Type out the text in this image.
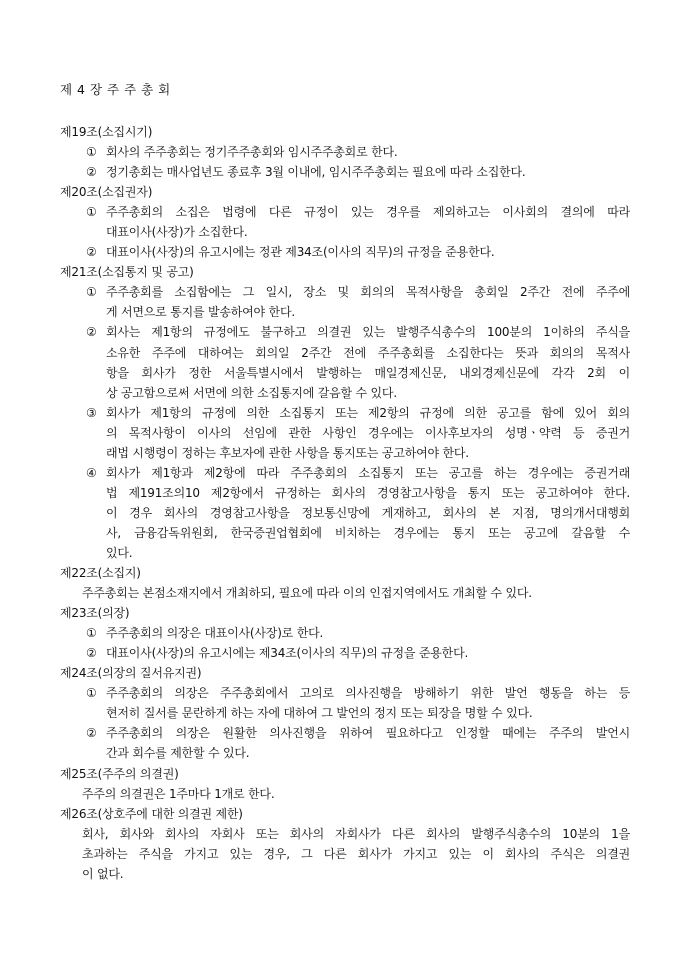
제 4 장 주 주 총 회
제19조(소집시기)
① 회사의 주주총회는 정기주주총회와 임시주주총회로 한다.
② 정기총회는 매사업년도 종료후 3월 이내에, 임시주주총회는 필요에 따라 소집한다.
제20조(소집권자)
① 주주총회의 소집은 법령에 다른 규정이 있는 경우를 제외하고는 이사회의 결의에 따라
대표이사(사장)가 소집한다.
② 대표이사(사장)의 유고시에는 정관 제34조(이사의 직무)의 규정을 준용한다.
제21조(소집통지 및 공고)
① 주주총회를 소집함에는 그 일시, 장소 및 회의의 목적사항을 총회일 2주간 전에 주주에
게 서면으로 통지를 발송하여야 한다.
② 회사는 제1항의 규정에도 불구하고 의결권 있는 발행주식총수의 100분의 1이하의 주식을
소유한 주주에 대하여는 회의일 2주간 전에 주주총회를 소집한다는 뜻과 회의의 목적사
항을 회사가 정한 서울특별시에서 발행하는 매일경제신문, 내외경제신문에 각각 2회 이
상 공고함으로써 서면에 의한 소집통지에 갈음할 수 있다.
③ 회사가 제1항의 규정에 의한 소집통지 또는 제2항의 규정에 의한 공고를 함에 있어 회의
의 목적사항이 이사의 선임에 관한 사항인 경우에는 이사후보자의 성명ㆍ약력 등 증권거
래법 시행령이 정하는 후보자에 관한 사항을 통지또는 공고하여야 한다.
④ 회사가 제1항과 제2항에 따라 주주총회의 소집통지 또는 공고를 하는 경우에는 증권거래
법 제191조의10 제2항에서 규정하는 회사의 경영참고사항을 통지 또는 공고하여야 한다.
이 경우 회사의 경영참고사항을 정보통신망에 게재하고, 회사의 본 지점, 명의개서대행회
사, 금융감독위원회, 한국증권업협회에 비치하는 경우에는 통지 또는 공고에 갈음할 수
있다.
제22조(소집지)
주주총회는 본점소재지에서 개최하되, 필요에 따라 이의 인접지역에서도 개최할 수 있다.
제23조(의장)
① 주주총회의 의장은 대표이사(사장)로 한다.
② 대표이사(사장)의 유고시에는 제34조(이사의 직무)의 규정을 준용한다.
제24조(의장의 질서유지권)
① 주주총회의 의장은 주주총회에서 고의로 의사진행을 방해하기 위한 발언 행동을 하는 등
현저히 질서를 문란하게 하는 자에 대하여 그 발언의 정지 또는 퇴장을 명할 수 있다.
② 주주총회의 의장은 원활한 의사진행을 위하여 필요하다고 인정할 때에는 주주의 발언시
간과 회수를 제한할 수 있다.
제25조(주주의 의결권)
주주의 의결권은 1주마다 1개로 한다.
제26조(상호주에 대한 의결권 제한)
회사, 회사와 회사의 자회사 또는 회사의 자회사가 다른 회사의 발행주식총수의 10분의 1을
초과하는 주식을 가지고 있는 경우, 그 다른 회사가 가지고 있는 이 회사의 주식은 의결권
이 없다.
